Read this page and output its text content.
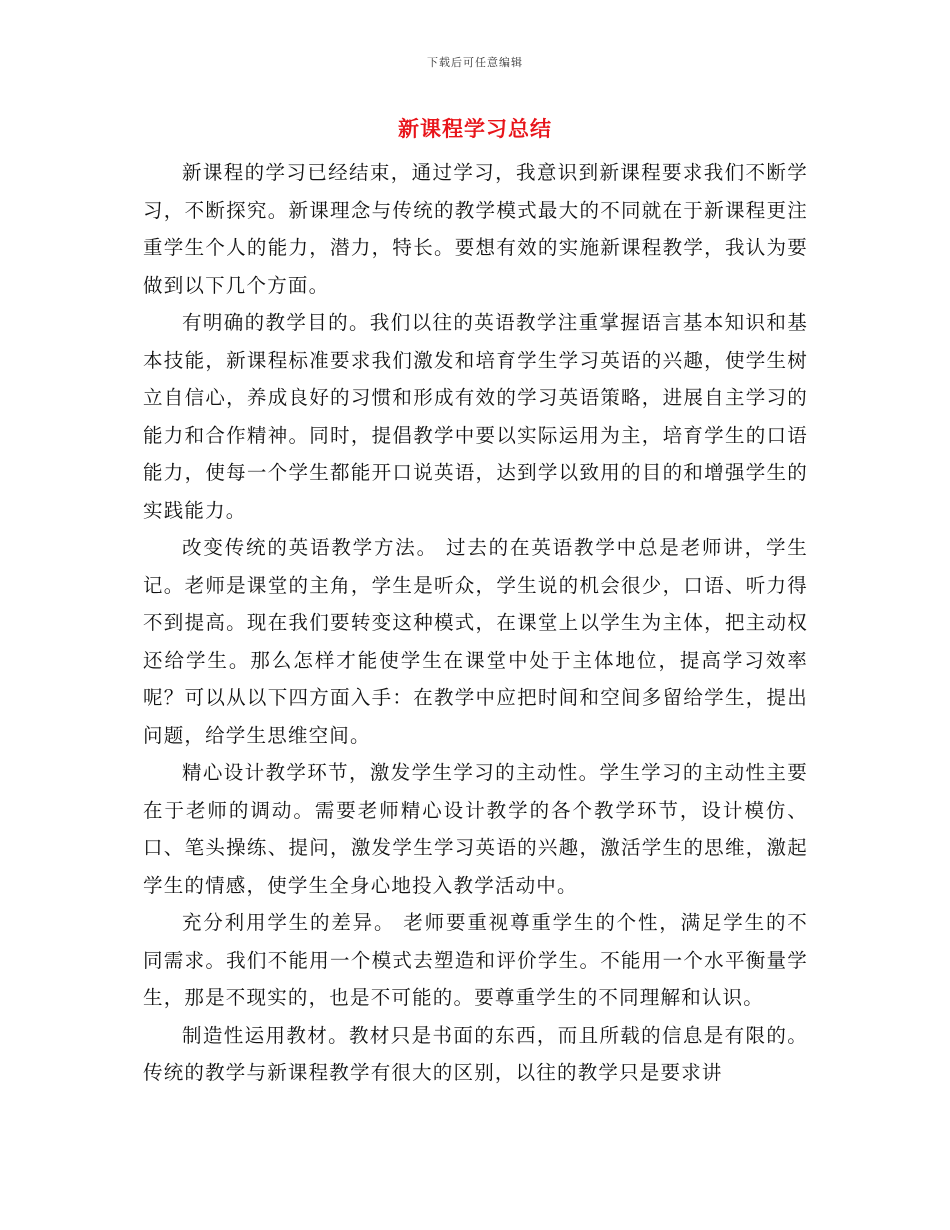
下载后可任意编辑
新课程学习总结

新课程的学习已经结束，通过学习，我意识到新课程要求我们不断学习，不断探究。新课理念与传统的教学模式最大的不同就在于新课程更注重学生个人的能力，潜力，特长。要想有效的实施新课程教学，我认为要做到以下几个方面。

有明确的教学目的。我们以往的英语教学注重掌握语言基本知识和基本技能，新课程标准要求我们激发和培育学生学习英语的兴趣，使学生树立自信心，养成良好的习惯和形成有效的学习英语策略，进展自主学习的能力和合作精神。同时，提倡教学中要以实际运用为主，培育学生的口语能力，使每一个学生都能开口说英语，达到学以致用的目的和增强学生的实践能力。

改变传统的英语教学方法。 过去的在英语教学中总是老师讲，学生记。老师是课堂的主角，学生是听众，学生说的机会很少，口语、听力得不到提高。现在我们要转变这种模式，在课堂上以学生为主体，把主动权还给学生。那么怎样才能使学生在课堂中处于主体地位，提高学习效率呢？可以从以下四方面入手：在教学中应把时间和空间多留给学生，提出问题，给学生思维空间。

精心设计教学环节，激发学生学习的主动性。学生学习的主动性主要在于老师的调动。需要老师精心设计教学的各个教学环节，设计模仿、口、笔头操练、提问，激发学生学习英语的兴趣，激活学生的思维，激起学生的情感，使学生全身心地投入教学活动中。

充分利用学生的差异。 老师要重视尊重学生的个性，满足学生的不同需求。我们不能用一个模式去塑造和评价学生。不能用一个水平衡量学生，那是不现实的，也是不可能的。要尊重学生的不同理解和认识。

制造性运用教材。教材只是书面的东西，而且所载的信息是有限的。传统的教学与新课程教学有很大的区别，以往的教学只是要求讲
